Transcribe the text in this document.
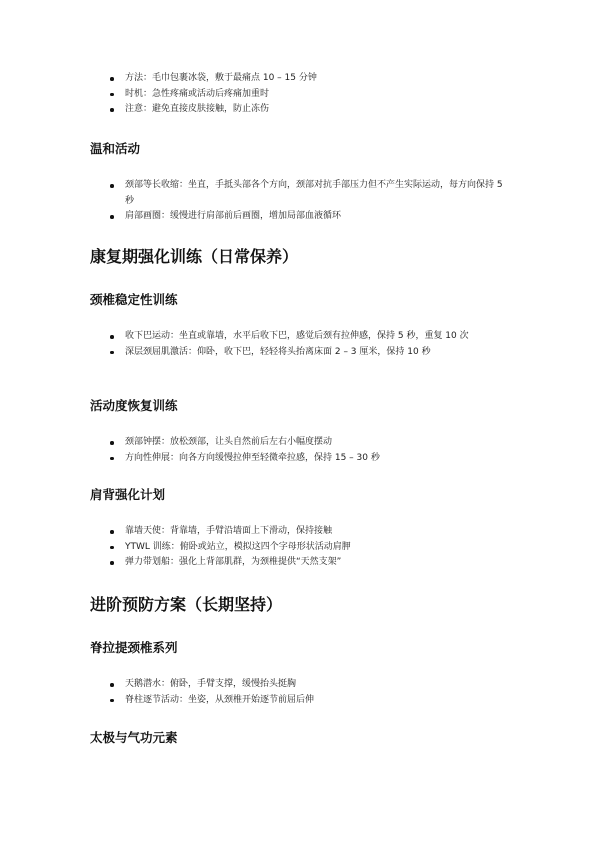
方法：毛巾包裹冰袋，敷于最痛点 10 – 15 分钟
时机：急性疼痛或活动后疼痛加重时
注意：避免直接皮肤接触，防止冻伤
温和活动
颈部等长收缩：坐直，手抵头部各个方向，颈部对抗手部压力但不产生实际运动，每方向保持 5 秒
肩部画圈：缓慢进行肩部前后画圈，增加局部血液循环
康复期强化训练（日常保养）
颈椎稳定性训练
收下巴运动：坐直或靠墙，水平后收下巴，感觉后颈有拉伸感，保持 5 秒，重复 10 次
深层颈屈肌激活：仰卧，收下巴，轻轻将头抬离床面 2 – 3 厘米，保持 10 秒
活动度恢复训练
颈部钟摆：放松颈部，让头自然前后左右小幅度摆动
方向性伸展：向各方向缓慢拉伸至轻微牵拉感，保持 15 – 30 秒
肩背强化计划
靠墙天使：背靠墙，手臂沿墙面上下滑动，保持接触
YTWL 训练：俯卧或站立，模拟这四个字母形状活动肩胛
弹力带划船：强化上背部肌群，为颈椎提供“天然支架”
进阶预防方案（长期坚持）
脊拉提颈椎系列
天鹅潜水：俯卧，手臂支撑，缓慢抬头挺胸
脊柱逐节活动：坐姿，从颈椎开始逐节前屈后伸
太极与气功元素
